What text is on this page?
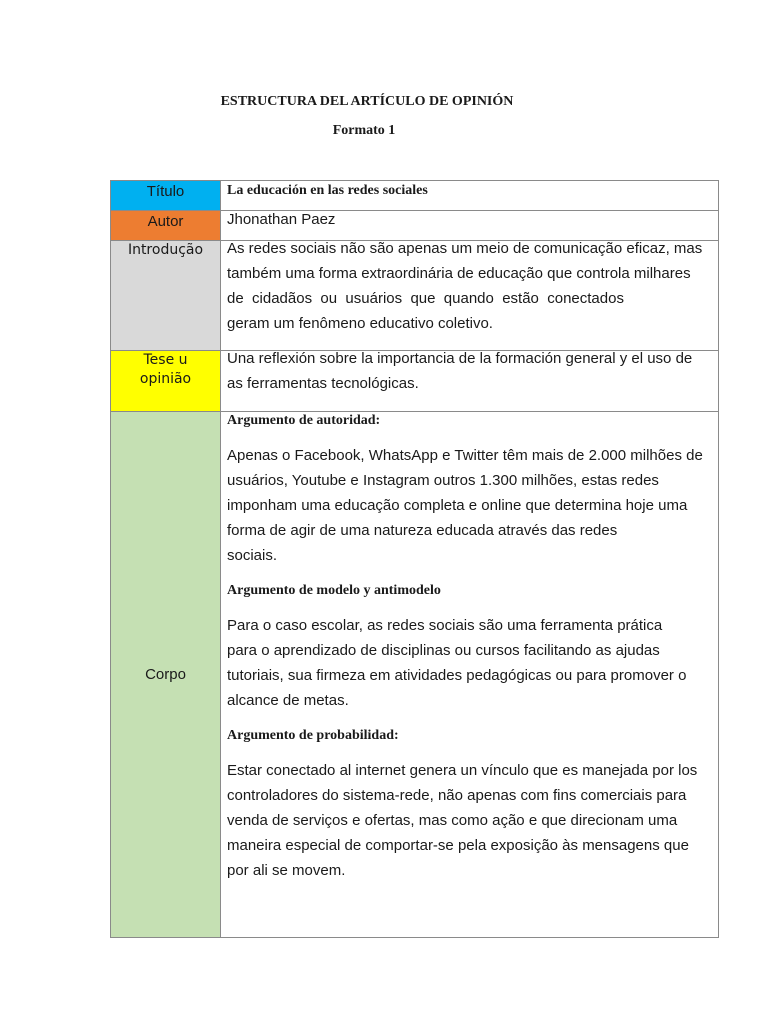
ESTRUCTURA DEL ARTÍCULO DE OPINIÓN
Formato 1
Título	La educación en las redes sociales
Autor	Jhonathan Paez
Introdução As redes sociais não são apenas um meio de comunicação eficaz, mas
também uma forma extraordinária de educação que controla milhares
de  cidadãos  ou  usuários  que  quando  estão  conectados
geram um fenômeno educativo coletivo.
Tese u
opinião
Una reflexión sobre la importancia de la formación general y el uso de
as ferramentas tecnológicas.
Corpo
Argumento de autoridad:
Apenas o Facebook, WhatsApp e Twitter têm mais de 2.000 milhões de
usuários, Youtube e Instagram outros 1.300 milhões, estas redes
imponham uma educação completa e online que determina hoje uma
forma de agir de uma natureza educada através das redes
sociais.
Argumento de modelo y antimodelo
Para o caso escolar, as redes sociais são uma ferramenta prática
para o aprendizado de disciplinas ou cursos facilitando as ajudas
tutoriais, sua firmeza em atividades pedagógicas ou para promover o
alcance de metas.
Argumento de probabilidad:
Estar conectado al internet genera un vínculo que es manejada por los
controladores do sistema-rede, não apenas com fins comerciais para
venda de serviços e ofertas, mas como ação e que direcionam uma
maneira especial de comportar-se pela exposição às mensagens que
por ali se movem.
